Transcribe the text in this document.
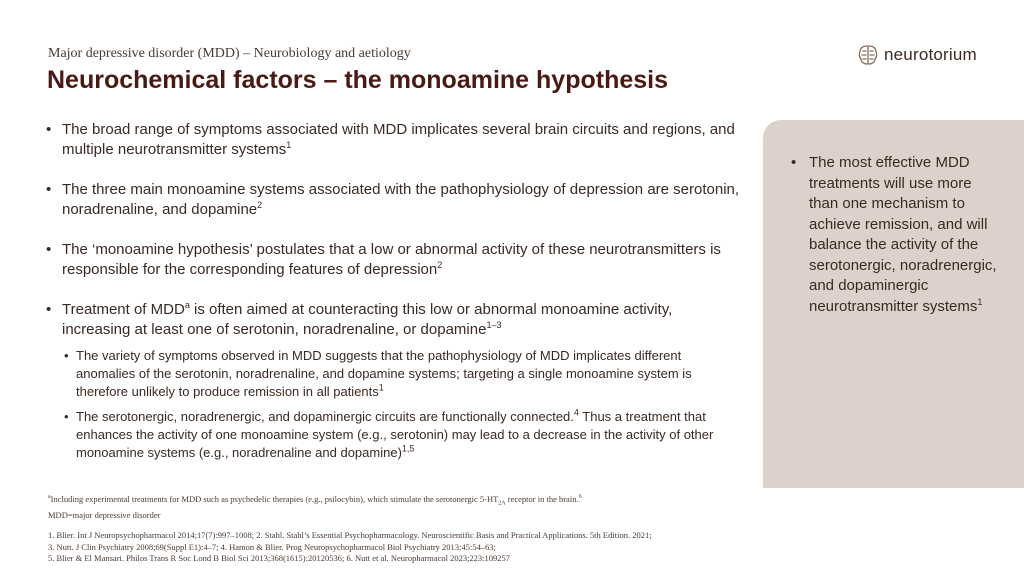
Major depressive disorder (MDD) – Neurobiology and aetiology
Neurochemical factors – the monoamine hypothesis
neurotorium
• The broad range of symptoms associated with MDD implicates several brain circuits and regions, and multiple neurotransmitter systems$^1$
• The three main monoamine systems associated with the pathophysiology of depression are serotonin, noradrenaline, and dopamine$^2$
• The ‘monoamine hypothesis’ postulates that a low or abnormal activity of these neurotransmitters is responsible for the corresponding features of depression$^2$
• Treatment of MDD$^a$ is often aimed at counteracting this low or abnormal monoamine activity, increasing at least one of serotonin, noradrenaline, or dopamine$^{1-3}$
• The variety of symptoms observed in MDD suggests that the pathophysiology of MDD implicates different anomalies of the serotonin, noradrenaline, and dopamine systems; targeting a single monoamine system is therefore unlikely to produce remission in all patients$^1$
• The serotonergic, noradrenergic, and dopaminergic circuits are functionally connected.$^4$ Thus a treatment that enhances the activity of one monoamine system (e.g., serotonin) may lead to a decrease in the activity of other monoamine systems (e.g., noradrenaline and dopamine)$^{1,5}$

• The most effective MDD treatments will use more than one mechanism to achieve remission, and will balance the activity of the serotonergic, noradrenergic, and dopaminergic neurotransmitter systems$^1$

$^a$Including experimental treatments for MDD such as psychedelic therapies (e.g., psilocybin), which stimulate the serotonergic $5-HT_{2A}$ receptor in the brain.$^6$
MDD=major depressive disorder
1. Blier. Int J Neuropsychopharmacol 2014;17(7):997–1008; 2. Stahl. Stahl’s Essential Psychopharmacology. Neuroscientific Basis and Practical Applications. 5th Edition. 2021;
3. Nutt. J Clin Psychiatry 2008;69(Suppl E1):4–7; 4. Hamon & Blier. Prog Neuropsychopharmacol Biol Psychiatry 2013;45:54–63;
5. Blier & El Mansari. Philos Trans R Soc Lond B Biol Sci 2013;368(1615):20120536; 6. Nutt et al. Neuropharmacol 2023;223:109257
